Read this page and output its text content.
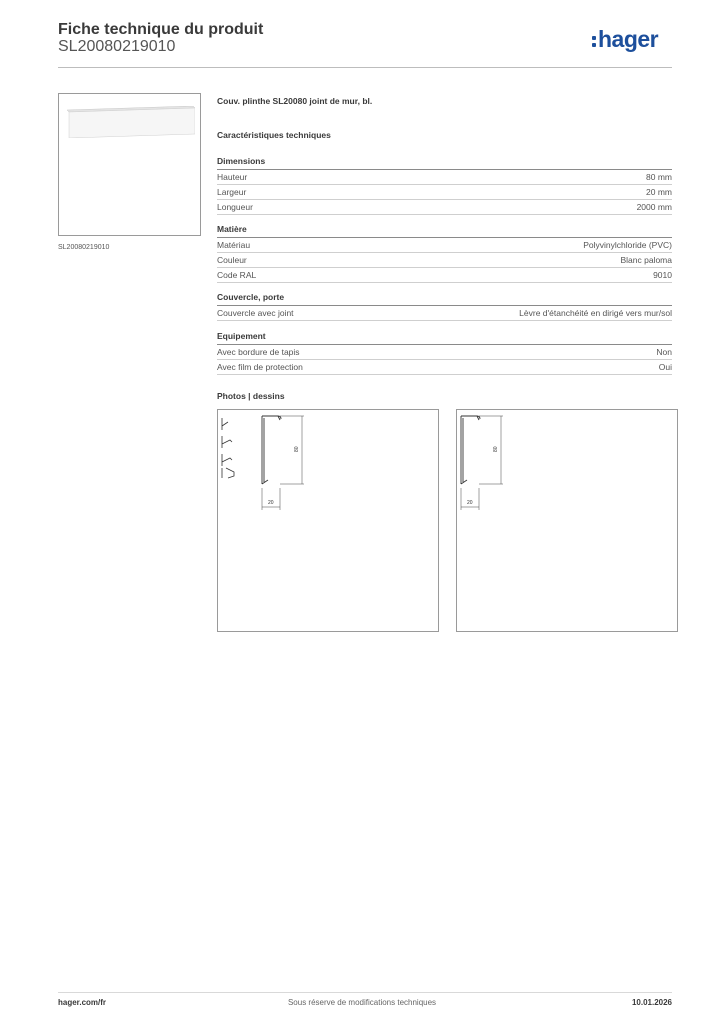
Fiche technique du produit
SL20080219010	hager
SL20080219010
Couv. plinthe SL20080 joint de mur, bl.
Caractéristiques techniques
Dimensions
Hauteur	80 mm
Largeur	20 mm
Longueur	2000 mm
Matière
Matériau	Polyvinylchloride (PVC)
Couleur	Blanc paloma
Code RAL	9010
Couvercle, porte
Couvercle avec joint	Lèvre d'étanchéité en dirigé vers mur/sol
Equipement
Avec bordure de tapis	Non
Avec film de protection	Oui
Photos | dessins
80
20
80
20
hager.com/fr	Sous réserve de modifications techniques	10.01.2026
